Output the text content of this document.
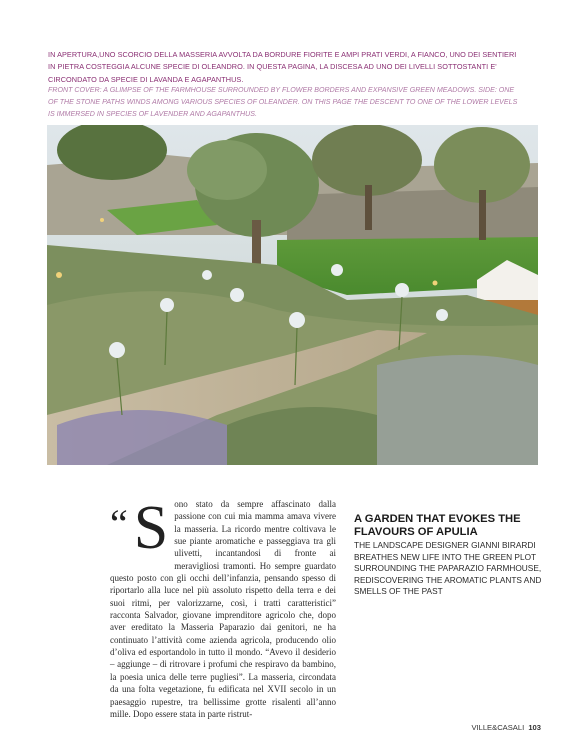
IN APERTURA,UNO SCORCIO DELLA MASSERIA AVVOLTA DA BORDURE FIORITE E AMPI PRATI VERDI, A FIANCO, UNO DEI SENTIERI IN PIETRA COSTEGGIA ALCUNE SPECIE DI OLEANDRO. IN QUESTA PAGINA, LA DISCESA AD UNO DEI LIVELLI SOTTOSTANTI E' CIRCONDATO DA SPECIE DI LAVANDA E AGAPANTHUS.

FRONT COVER: A GLIMPSE OF THE FARMHOUSE SURROUNDED BY FLOWER BORDERS AND EXPANSIVE GREEN MEADOWS. SIDE: ONE OF THE STONE PATHS WINDS AMONG VARIOUS SPECIES OF OLEANDER. ON THIS PAGE THE DESCENT TO ONE OF THE LOWER LEVELS IS IMMERSED IN SPECIES OF LAVENDER AND AGAPANTHUS.

“S ono stato da sempre affascinato dalla passione con cui mia mamma amava vivere la masseria. La ricordo mentre coltivava le sue piante aromatiche e passeggiava tra gli ulivetti, incantandosi di fronte ai meravigliosi tramonti. Ho sempre guardato questo posto con gli occhi dell’infanzia, pensando spesso di riportarlo alla luce nel più assoluto rispetto della terra e dei suoi ritmi, per valorizzarne, così, i tratti caratteristici” racconta Salvador, giovane imprenditore agricolo che, dopo aver ereditato la Masseria Paparazio dai genitori, ne ha continuato l’attività come azienda agricola, producendo olio d’oliva ed esportandolo in tutto il mondo. “Avevo il desiderio – aggiunge – di ritrovare i profumi che respiravo da bambino, la poesia unica delle terre pugliesi”. La masseria, circondata da una folta vegetazione, fu edificata nel XVII secolo in un paesaggio rupestre, tra bellissime grotte risalenti all’anno mille. Dopo essere stata in parte ristrut-

A GARDEN THAT EVOKES THE FLAVOURS OF APULIA

THE LANDSCAPE DESIGNER GIANNI BIRARDI BREATHES NEW LIFE INTO THE GREEN PLOT SURROUNDING THE PAPARAZIO FARMHOUSE, REDISCOVERING THE AROMATIC PLANTS AND SMELLS OF THE PAST

VILLE&CASALI 103
